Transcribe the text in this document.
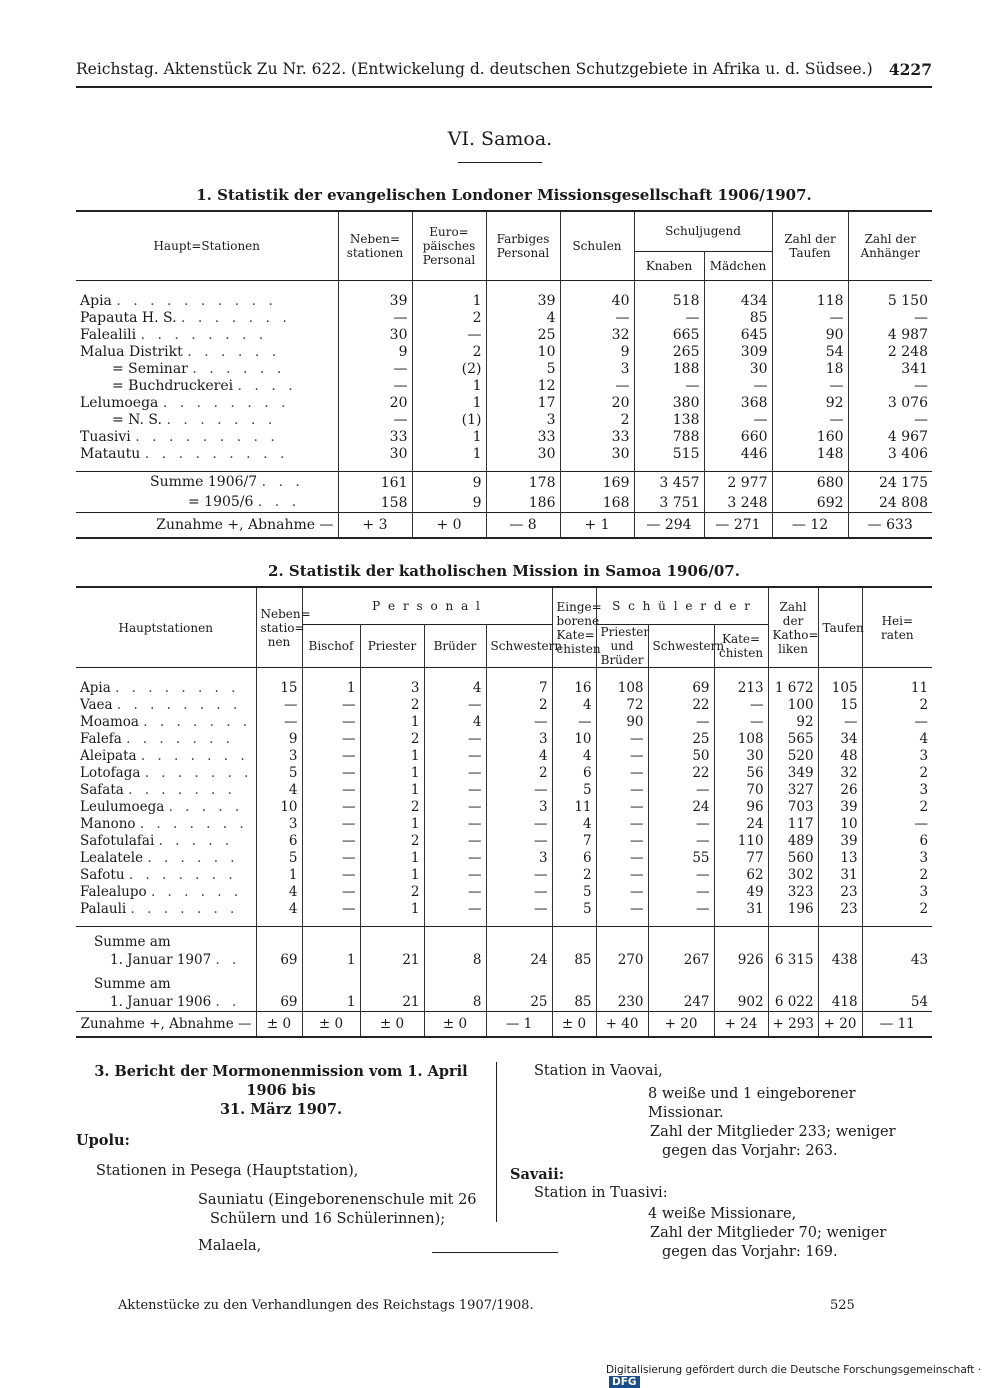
Reichstag. Aktenstück Zu Nr. 622. (Entwickelung d. deutschen Schutzgebiete in Afrika u. d. Südsee.) 4227
VI. Samoa.
1. Statistik der evangelischen Londoner Missionsgesellschaft 1906/1907.
Haupt=Stationen	Neben= stationen	Euro= päisches Personal	Farbiges Personal	Schulen	Schuljugend		Zahl der Taufen	Zahl der Anhänger
					Knaben	Mädchen		

Apia . . . . . . . . . .	39	1	39	40	518	434	118	5 150
Papauta H. S. . . . . . . .	—	2	4	—	—	85	—	—
Falealili . . . . . . . .	30	—	25	32	665	645	90	4 987
Malua Distrikt . . . . . .	9	2	10	9	265	309	54	2 248
= Seminar . . . . . .	—	(2)	5	3	188	30	18	341
= Buchdruckerei . . . .	—	1	12	—	—	—	—	—
Lelumoega . . . . . . . .	20	1	17	20	380	368	92	3 076
= N. S. . . . . . . .	—	(1)	3	2	138	—	—	—
Tuasivi . . . . . . . . .	33	1	33	33	788	660	160	4 967
Matautu . . . . . . . . .	30	1	30	30	515	446	148	3 406

Summe 1906/7 . . .	161	9	178	169	3 457	2 977	680	24 175
= 1905/6 . . .	158	9	186	168	3 751	3 248	692	24 808
Zunahme +, Abnahme —	+ 3	+ 0	— 8	+ 1	— 294	— 271	— 12	— 633
2. Statistik der katholischen Mission in Samoa 1906/07.
Hauptstationen	Neben= statio= nen	P e r s o n a l				Einge= borene Kate= chisten	S c h ü l e r d e r			Zahl der Katho= liken	Taufen	Hei= raten
		Bischof	Priester	Brüder	Schwestern		Priester und Brüder	Schwestern	Kate= chisten			

Apia . . . . . . . .	15	1	3	4	7	16	108	69	213	1 672	105	11
Vaea . . . . . . . .	—	—	2	—	2	4	72	22	—	100	15	2
Moamoa . . . . . . .	—	—	1	4	—	—	90	—	—	92	—	—
Falefa . . . . . . .	9	—	2	—	3	10	—	25	108	565	34	4
Aleipata . . . . . . .	3	—	1	—	4	4	—	50	30	520	48	3
Lotofaga . . . . . . .	5	—	1	—	2	6	—	22	56	349	32	2
Safata . . . . . . .	4	—	1	—	—	5	—	—	70	327	26	3
Leulumoega . . . . .	10	—	2	—	3	11	—	24	96	703	39	2
Manono . . . . . . .	3	—	1	—	—	4	—	—	24	117	10	—
Safotulafai . . . . .	6	—	2	—	—	7	—	—	110	489	39	6
Lealatele . . . . . .	5	—	1	—	3	6	—	55	77	560	13	3
Safotu . . . . . . .	1	—	1	—	—	2	—	—	62	302	31	2
Falealupo . . . . . .	4	—	2	—	—	5	—	—	49	323	23	3
Palauli . . . . . . .	4	—	1	—	—	5	—	—	31	196	23	2

Summe am
1. Januar 1907 . .	69	1	21	8	24	85	270	267	926	6 315	438	43

Summe am
1. Januar 1906 . .	69	1	21	8	25	85	230	247	902	6 022	418	54
Zunahme +, Abnahme —	± 0	± 0	± 0	± 0	— 1	± 0	+ 40	+ 20	+ 24	+ 293	+ 20	— 11
3. Bericht der Mormonenmission vom 1. April 1906 bis
31. März 1907.
Upolu:
Stationen in Pesega (Hauptstation),
Sauniatu (Eingeborenenschule mit 26
Schülern und 16 Schülerinnen);
Malaela,
Station in Vaovai,
8 weiße und 1 eingeborener Missionar.
Zahl der Mitglieder 233; weniger
gegen das Vorjahr: 263.
Savaii:
Station in Tuasivi:
4 weiße Missionare,
Zahl der Mitglieder 70; weniger
gegen das Vorjahr: 169.
Aktenstücke zu den Verhandlungen des Reichstags 1907/1908.	525
Digitalisierung gefördert durch die Deutsche Forschungsgemeinschaft ·DFG
